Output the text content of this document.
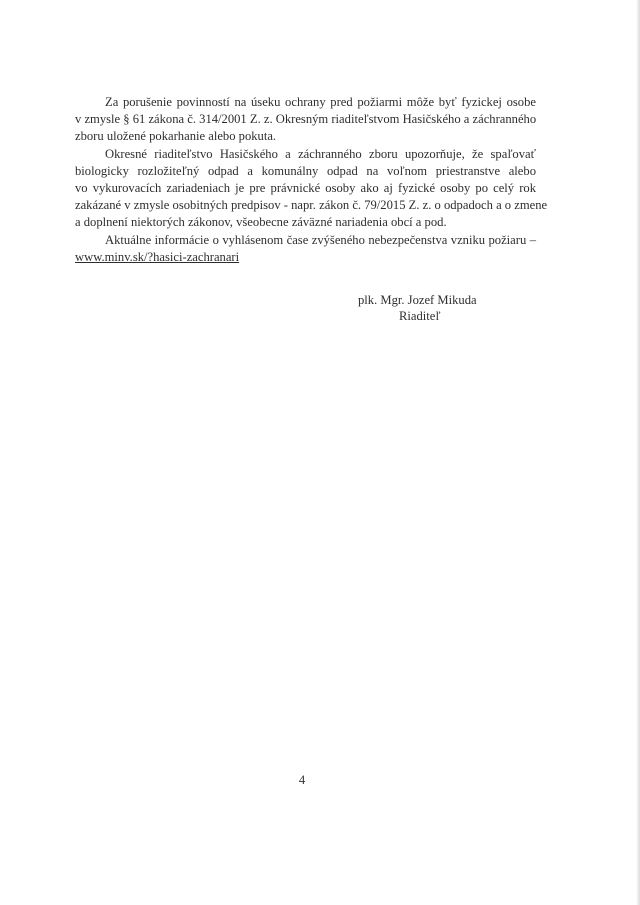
Za porušenie povinností na úseku ochrany pred požiarmi môže byť fyzickej osobe
v zmysle § 61 zákona č. 314/2001 Z. z. Okresným riaditeľstvom Hasičského a záchranného
zboru uložené pokarhanie alebo pokuta.
Okresné riaditeľstvo Hasičského a záchranného zboru upozorňuje, že spaľovať
biologicky rozložiteľný odpad a komunálny odpad na voľnom priestranstve alebo
vo vykurovacích zariadeniach je pre právnické osoby ako aj fyzické osoby po celý rok
zakázané v zmysle osobitných predpisov - napr. zákon č. 79/2015 Z. z. o odpadoch a o zmene
a doplnení niektorých zákonov, všeobecne záväzné nariadenia obcí a pod.
Aktuálne informácie o vyhlásenom čase zvýšeného nebezpečenstva vzniku požiaru –
www.minv.sk/?hasici-zachranari
plk. Mgr. Jozef Mikuda
Riaditeľ
4
